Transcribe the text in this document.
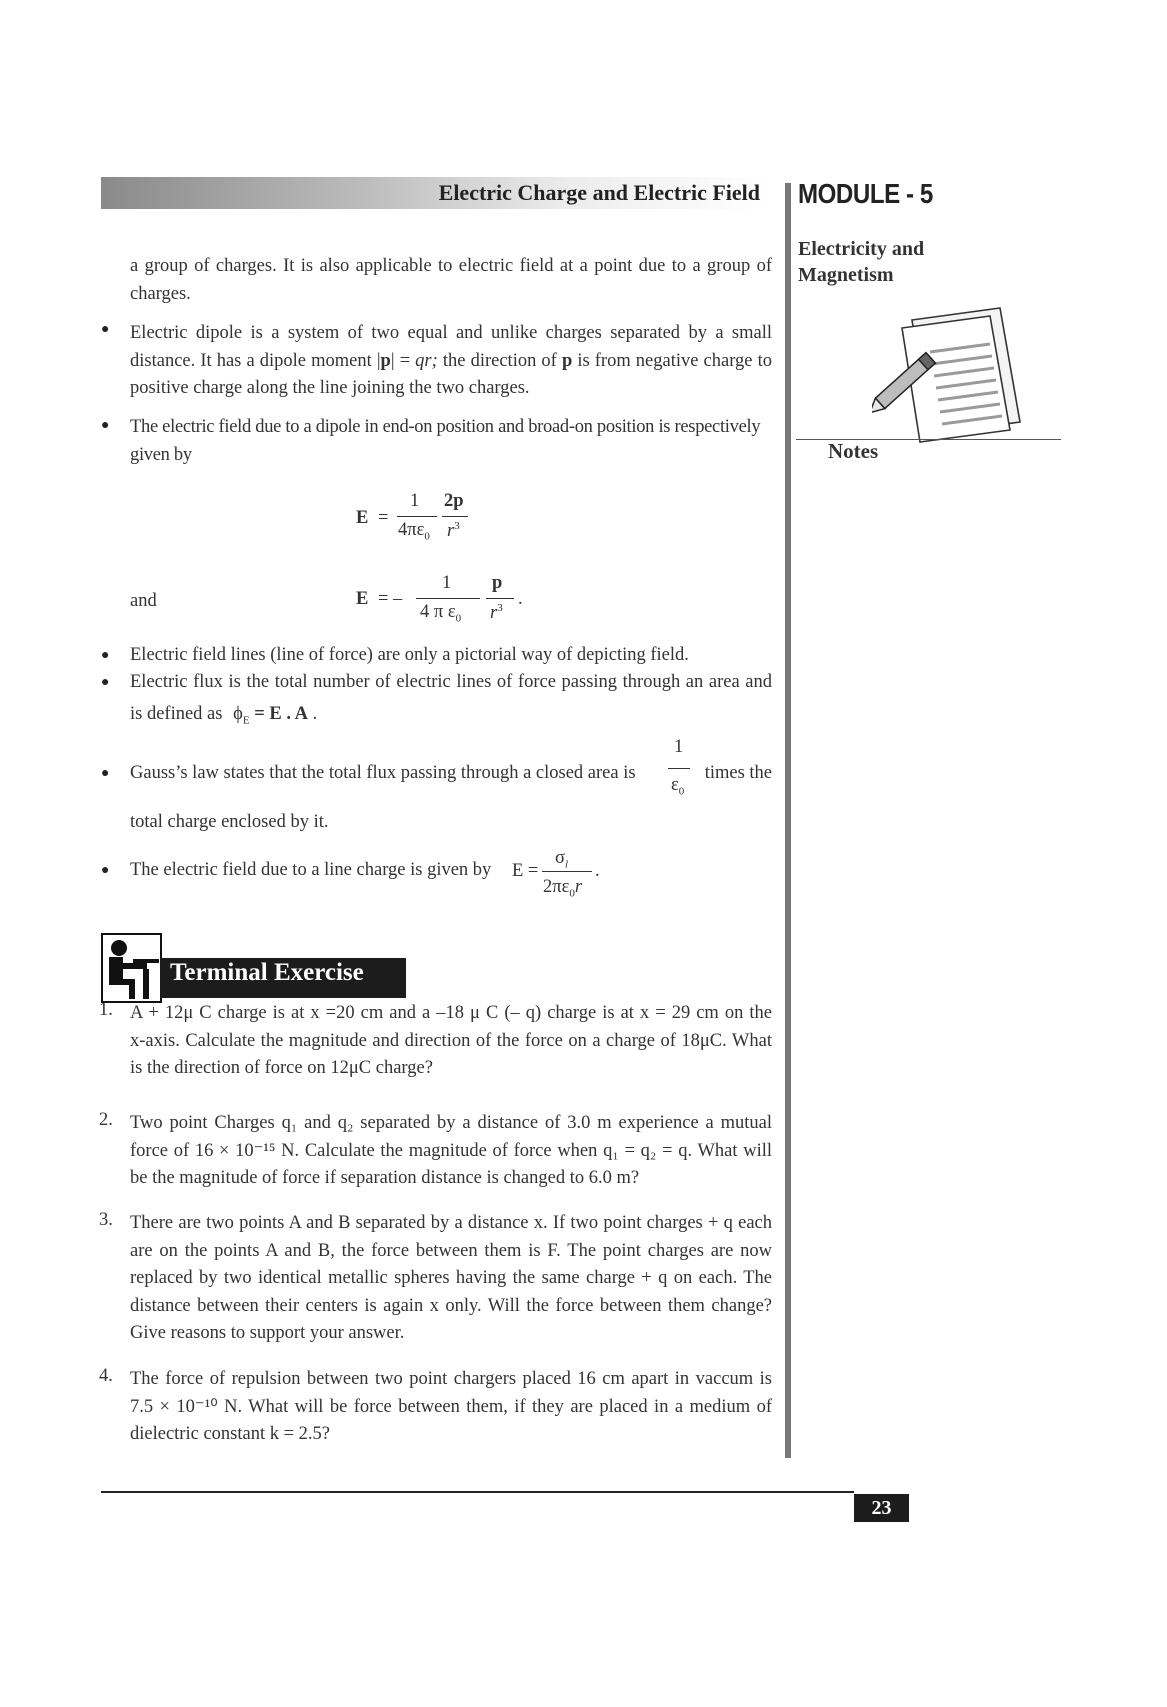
Electric Charge and Electric Field MODULE - 5
Electricity and
Magnetism
Notes
a group of charges. It is also applicable to electric field at a point due to a group of
charges.
● Electric dipole is a system of two equal and unlike charges separated by a small
distance. It has a dipole moment |p| = qr; the direction of p is from negative charge to
positive charge along the line joining the two charges.
● The electric field due to a dipole in end-on position and broad-on position is respectively
given by
E =
1
$4\pi\varepsilon_0$
2p
$r^3$
and	E = –
1
4 π $\varepsilon_0$
p
$r^3$ .
● Electric field lines (line of force) are only a pictorial way of depicting field.
● Electric flux is the total number of electric lines of force passing through an area and
is defined as $\phi_E = E$ . A .
● Gauss’s law states that the total flux passing through a closed area is
1
$\varepsilon_0$
times the
total charge enclosed by it.
● The electric field due to a line charge is given by E =
$\sigma_l$
$2\pi\varepsilon_0r$
.
Terminal Exercise
1. A + 12μ C charge is at x =20 cm and a –18 μ C (– q) charge is at x = 29 cm on the
x-axis. Calculate the magnitude and direction of the force on a charge of 18μC. What
is the direction of force on 12μC charge?
2. Two point Charges q₁ and q₂ separated by a distance of 3.0 m experience a mutual
force of 16 × 10⁻¹⁵ N. Calculate the magnitude of force when q₁ = q₂ = q. What will
be the magnitude of force if separation distance is changed to 6.0 m?
3. There are two points A and B separated by a distance x. If two point charges + q each
are on the points A and B, the force between them is F. The point charges are now
replaced by two identical metallic spheres having the same charge + q on each. The
distance between their centers is again x only. Will the force between them change?
Give reasons to support your answer.
4. The force of repulsion between two point chargers placed 16 cm apart in vaccum is
7.5 × 10⁻¹⁰ N. What will be force between them, if they are placed in a medium of
dielectric constant k = 2.5?
23
